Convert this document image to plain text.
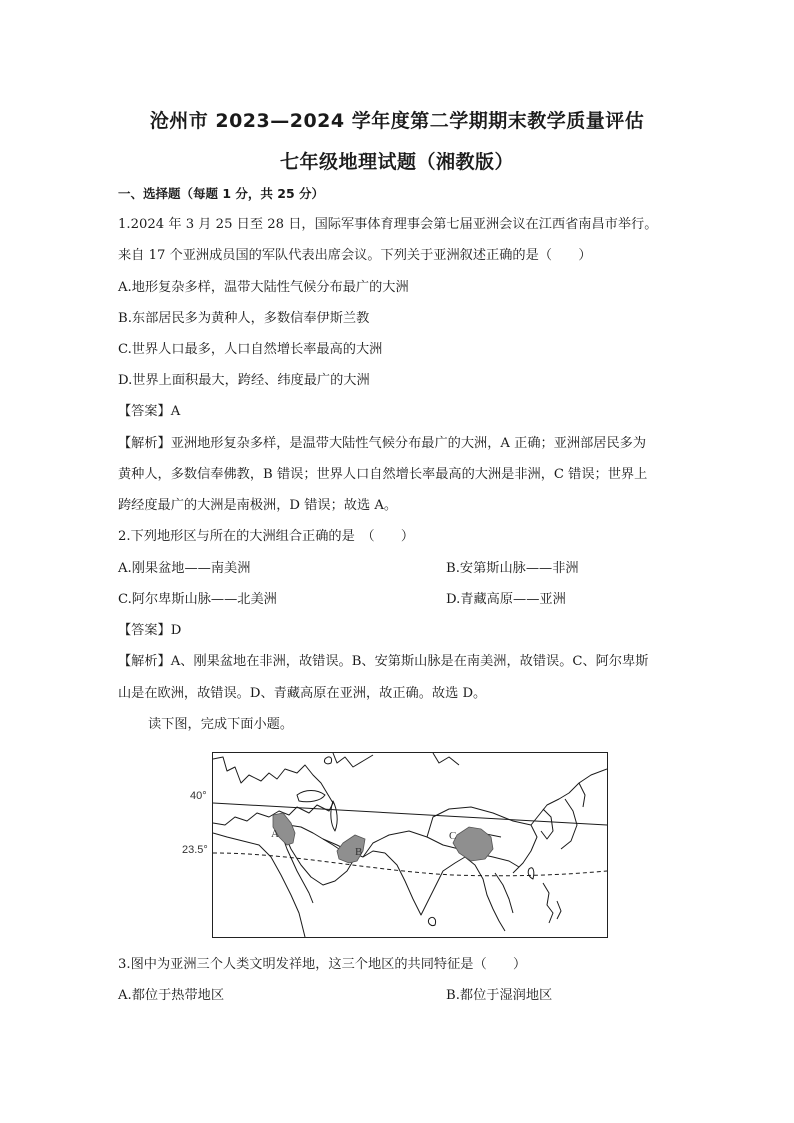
沧州市 2023—2024 学年度第二学期期末教学质量评估
七年级地理试题（湘教版）
一、选择题（每题 1 分，共 25 分）
1.2024 年 3 月 25 日至 28 日，国际军事体育理事会第七届亚洲会议在江西省南昌市举行。
来自 17 个亚洲成员国的军队代表出席会议。下列关于亚洲叙述正确的是（　　）
A.地形复杂多样，温带大陆性气候分布最广的大洲
B.东部居民多为黄种人，多数信奉伊斯兰教
C.世界人口最多，人口自然增长率最高的大洲
D.世界上面积最大，跨经、纬度最广的大洲
【答案】A
【解析】亚洲地形复杂多样，是温带大陆性气候分布最广的大洲，A 正确；亚洲部居民多为
黄种人，多数信奉佛教，B 错误；世界人口自然增长率最高的大洲是非洲，C 错误；世界上
跨经度最广的大洲是南极洲，D 错误；故选 A。
2.下列地形区与所在的大洲组合正确的是　（　　）
A.刚果盆地——南美洲	B.安第斯山脉——非洲
C.阿尔卑斯山脉——北美洲	D.青藏高原——亚洲
【答案】D
【解析】A、刚果盆地在非洲，故错误。B、安第斯山脉是在南美洲，故错误。C、阿尔卑斯
山是在欧洲，故错误。D、青藏高原在亚洲，故正确。故选 D。
读下图，完成下面小题。
40°
23.5°
A
B
C
3.图中为亚洲三个人类文明发祥地，这三个地区的共同特征是（　　）
A.都位于热带地区	B.都位于湿润地区
